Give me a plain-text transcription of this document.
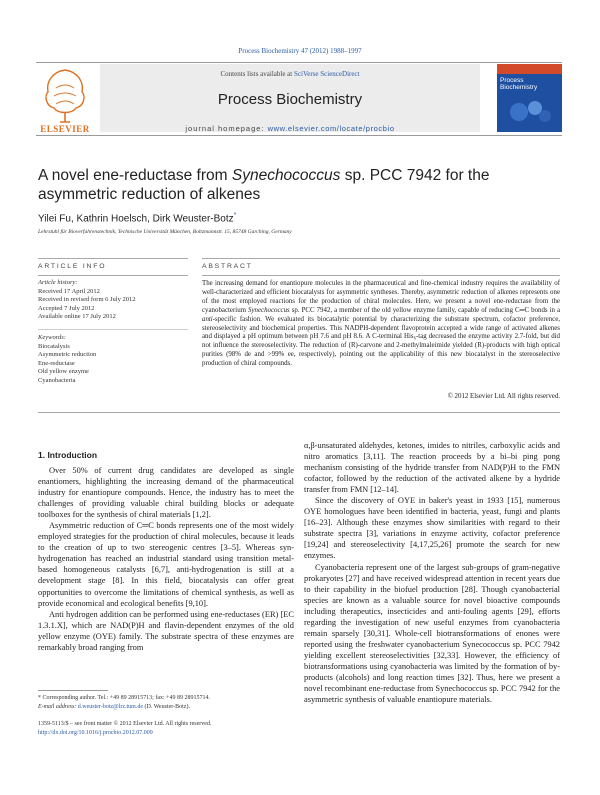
Process Biochemistry 47 (2012) 1988–1997
ELSEVIER
Contents lists available at SciVerse ScienceDirect
Process Biochemistry
journal homepage: www.elsevier.com/locate/procbio
Process Biochemistry
A novel ene-reductase from Synechococcus sp. PCC 7942 for the asymmetric reduction of alkenes
Yilei Fu, Kathrin Hoelsch, Dirk Weuster-Botz*
Lehrstuhl für Bioverfahrenstechnik, Technische Universität München, Boltzmannstr. 15, 85748 Garching, Germany
ARTICLE INFO
Article history:
Received 17 April 2012
Received in revised form 6 July 2012
Accepted 7 July 2012
Available online 17 July 2012
Keywords:
Biocatalysis
Asymmetric reduction
Ene-reductase
Old yellow enzyme
Cyanobacteria
ABSTRACT
The increasing demand for enantiopure molecules in the pharmaceutical and fine-chemical industry requires the availability of well-characterized and efficient biocatalysts for asymmetric syntheses. Thereby, asymmetric reduction of alkenes represents one of the most employed reactions for the production of chiral molecules. Here, we present a novel ene-reductase from the cyanobacterium Synechococcus sp. PCC 7942, a member of the old yellow enzyme family, capable of reducing C═C bonds in a anti-specific fashion. We evaluated its biocatalytic potential by characterizing the substrate spectrum, cofactor preference, stereoselectivity and biochemical properties. This NADPH-dependent flavoprotein accepted a wide range of activated alkenes and displayed a pH optimum between pH 7.6 and pH 8.6. A C-terminal His₆-tag decreased the enzyme activity 2.7-fold, but did not influence the stereoselectivity. The reduction of (R)-carvone and 2-methylmaleimide yielded (R)-products with high optical purities (98% de and >99% ee, respectively), pointing out the applicability of this new biocatalyst in the stereoselective production of chiral compounds.
© 2012 Elsevier Ltd. All rights reserved.
1. Introduction

Over 50% of current drug candidates are developed as single enantiomers, highlighting the increasing demand of the pharmaceutical industry for enantiopure compounds. Hence, the industry has to meet the challenges of providing valuable chiral building blocks or adequate toolboxes for the synthesis of chiral materials [1,2].

Asymmetric reduction of C═C bonds represents one of the most widely employed strategies for the production of chiral molecules, because it leads to the creation of up to two stereogenic centres [3–5]. Whereas syn-hydrogenation has reached an industrial standard using transition metal-based homogeneous catalysts [6,7], anti-hydrogenation is still at a development stage [8]. In this field, biocatalysis can offer great opportunities to overcome the limitations of chemical synthesis, as well as provide economical and ecological benefits [9,10].

Anti hydrogen addition can be performed using ene-reductases (ER) [EC 1.3.1.X], which are NAD(P)H and flavin-dependent enzymes of the old yellow enzyme (OYE) family. The substrate spectra of these enzymes are remarkably broad ranging from

α,β-unsaturated aldehydes, ketones, imides to nitriles, carboxylic acids and nitro aromatics [3,11]. The reaction proceeds by a bi–bi ping pong mechanism consisting of the hydride transfer from NAD(P)H to the FMN cofactor, followed by the reduction of the activated alkene by a hydride transfer from FMN [12–14].

Since the discovery of OYE in baker's yeast in 1933 [15], numerous OYE homologues have been identified in bacteria, yeast, fungi and plants [16–23]. Although these enzymes show similarities with regard to their substrate spectra [3], variations in enzyme activity, cofactor preference [19,24] and stereoselectivity [4,17,25,26] promote the search for new enzymes.

Cyanobacteria represent one of the largest sub-groups of gram-negative prokaryotes [27] and have received widespread attention in recent years due to their capability in the biofuel production [28]. Though cyanobacterial species are known as a valuable source for novel bioactive compounds including therapeutics, insecticides and anti-fouling agents [29], efforts regarding the investigation of new useful enzymes from cyanobacteria remain sparsely [30,31]. Whole-cell biotransformations of enones were reported using the freshwater cyanobacterium Synecococcus sp. PCC 7942 yielding excellent stereoselectivities [32,33]. However, the efficiency of biotransformations using cyanobacteria was limited by the formation of by-products (alcohols) and long reaction times [32]. Thus, here we present a novel recombinant ene-reductase from Synechococcus sp. PCC 7942 for the asymmetric synthesis of valuable enantiopure materials.

* Corresponding author. Tel.: +49 89 28915713; fax: +49 89 28915714.
E-mail address: d.weuster-botz@lrz.tum.de (D. Weuster-Botz).
1359-5113/$ – see front matter © 2012 Elsevier Ltd. All rights reserved.
http://dx.doi.org/10.1016/j.procbio.2012.07.009
